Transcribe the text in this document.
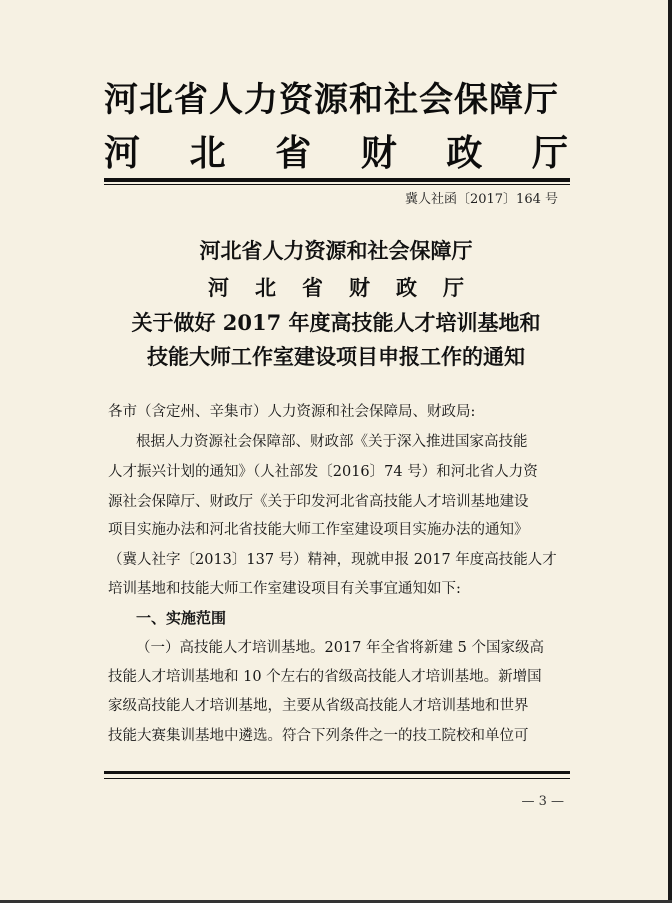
河北省人力资源和社会保障厅
河 北 省 财 政 厅
冀人社函〔2017〕164 号
河北省人力资源和社会保障厅
河 北 省 财 政 厅
关于做好 2017 年度高技能人才培训基地和
技能大师工作室建设项目申报工作的通知
各市（含定州、辛集市）人力资源和社会保障局、财政局:
根据人力资源社会保障部、财政部《关于深入推进国家高技能
人才振兴计划的通知》（人社部发〔2016〕74 号）和河北省人力资
源社会保障厅、财政厅《关于印发河北省高技能人才培训基地建设
项目实施办法和河北省技能大师工作室建设项目实施办法的通知》
（冀人社字〔2013〕137 号）精神，现就申报 2017 年度高技能人才
培训基地和技能大师工作室建设项目有关事宜通知如下:
一、实施范围
（一）高技能人才培训基地。2017 年全省将新建 5 个国家级高
技能人才培训基地和 10 个左右的省级高技能人才培训基地。新增国
家级高技能人才培训基地，主要从省级高技能人才培训基地和世界
技能大赛集训基地中遴选。符合下列条件之一的技工院校和单位可
— 3 —
